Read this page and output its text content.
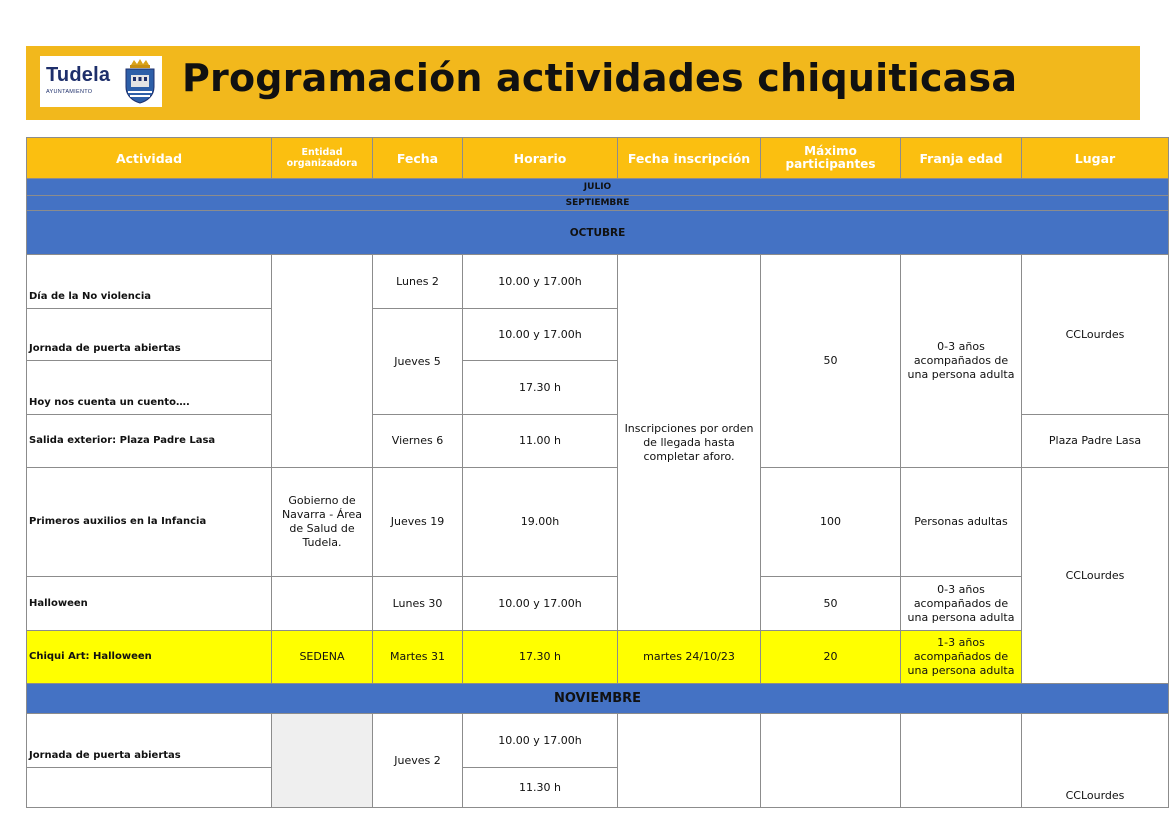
Tudela
AYUNTAMIENTO Programación actividades chiquiticasa
Actividad	Entidad organizadora	Fecha	Horario	Fecha inscripción	Máximo participantes	Franja edad	Lugar
JULIO							
SEPTIEMBRE							
OCTUBRE							
Día de la No violencia		Lunes 2	10.00 y 17.00h	Inscripciones por orden de llegada hasta completar aforo.	50	0-3 años acompañados de una persona adulta	CCLourdes
Jornada de puerta abiertas		Jueves 5	10.00 y 17.00h				
Hoy nos cuenta un cuento….			17.30 h				
Salida exterior: Plaza Padre Lasa		Viernes 6	11.00 h				Plaza Padre Lasa
Primeros auxilios en la Infancia	Gobierno de Navarra - Área de Salud de Tudela.	Jueves 19	19.00h		100	Personas adultas	CCLourdes
Halloween		Lunes 30	10.00 y 17.00h		50	0-3 años acompañados de una persona adulta	
Chiqui Art: Halloween	SEDENA	Martes 31	17.30 h	martes 24/10/23	20	1-3 años acompañados de una persona adulta	
NOVIEMBRE							
Jornada de puerta abiertas		Jueves 2	10.00 y 17.00h				CCLourdes
			11.30 h				
